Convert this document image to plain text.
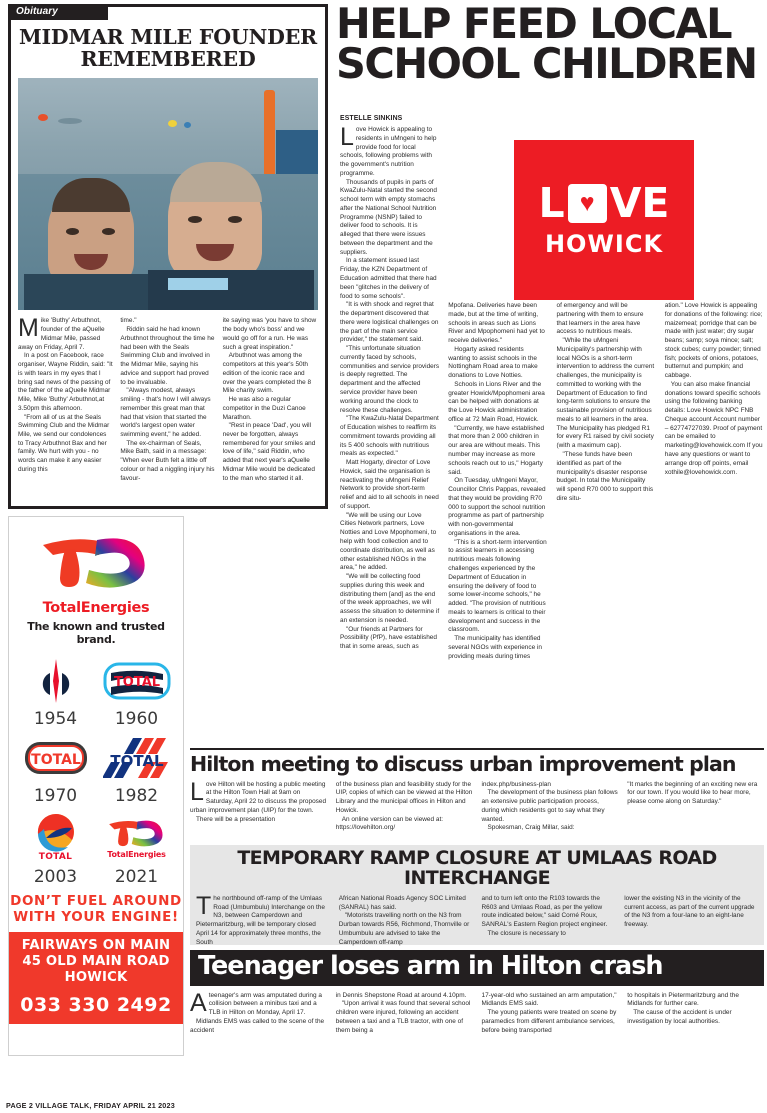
Obituary
MIDMAR MILE FOUNDER REMEMBERED

Mike 'Buthy' Arbuthnot, founder of the aQuelle Midmar Mile, passed away on Friday, April 7.

In a post on Facebook, race organiser, Wayne Riddin, said: "It is with tears in my eyes that I bring sad news of the passing of the father of the aQuelle Midmar Mile, Mike 'Buthy' Arbuthnot,at 3.50pm this afternoon.

"From all of us at the Seals Swimming Club and the Midmar Mile, we send our condolences to Tracy Arbuthnot Bax and her family. We hurt with you - no words can make it any easier during this

time."

Riddin said he had known Arbuthnot throughout the time he had been with the Seals Swimming Club and involved in the Midmar Mile, saying his advice and support had proved to be invaluable.

"Always modest, always smiling - that's how I will always remember this great man that had that vision that started the world's largest open water swimming event," he added.

The ex-chairman of Seals, Mike Bath, said in a message: "When ever Buth felt a little off colour or had a niggling injury his favour-

ite saying was 'you have to show the body who's boss' and we would go off for a run. He was such a great inspiration."

Arbuthnot was among the competitors at this year's 50th edition of the iconic race and over the years completed the 8 Mile charity swim.

He was also a regular competitor in the Duzi Canoe Marathon.

"Rest in peace 'Dad', you will never be forgotten, always remembered for your smiles and love of life," said Riddin, who added that next year's aQuelle Midmar Mile would be dedicated to the man who started it all.

HELP FEED LOCAL SCHOOL CHILDREN
ESTELLE SINKINS
L ♥ VE
HOWICK

Love Howick is appealing to residents in uMngeni to help provide food for local schools, following problems with the government's nutrition programme.

Thousands of pupils in parts of KwaZulu-Natal started the second school term with empty stomachs after the National School Nutrition Programme (NSNP) failed to deliver food to schools. It is alleged that there were issues between the department and the suppliers.

In a statement issued last Friday, the KZN Department of Education admitted that there had been "glitches in the delivery of food to some schools".

"It is with shock and regret that the department discovered that there were logistical challenges on the part of the main service provider," the statement said.

"This unfortunate situation currently faced by schools, communities and service providers is deeply regretted. The department and the affected service provider have been working around the clock to resolve these challenges.

"The KwaZulu-Natal Department of Education wishes to reaffirm its commitment towards providing all its 5 400 schools with nutritious meals as expected."

Matt Hogarty, director of Love Howick, said the organisation is reactivating the uMngeni Relief Network to provide short-term relief and aid to all schools in need of support.

"We will be using our Love Cities Network partners, Love Notties and Love Mpophomeni, to help with food collection and to coordinate distribution, as well as other established NGOs in the area," he added.

"We will be collecting food supplies during this week and distributing them [and] as the end of the week approaches, we will assess the situation to determine if an extension is needed.

"Our friends at Partners for Possibility (PfP), have established that in some areas, such as

Mpofana. Deliveries have been made, but at the time of writing, schools in areas such as Lions River and Mpophomeni had yet to receive deliveries."

Hogarty asked residents wanting to assist schools in the Nottingham Road area to make donations to Love Notties.

Schools in Lions River and the greater Howick/Mpophomeni area can be helped with donations at the Love Howick administration office at 72 Main Road, Howick.

"Currently, we have established that more than 2 000 children in our area are without meals. This number may increase as more schools reach out to us," Hogarty said.

On Tuesday, uMngeni Mayor, Councillor Chris Pappas, revealed that they would be providing R70 000 to support the school nutrition programme as part of partnership with non-governmental organisations in the area.

"This is a short-term intervention to assist learners in accessing nutritious meals following challenges experienced by the Department of Education in ensuring the delivery of food to some lower-income schools," he added. "The provision of nutritious meals to learners is critical to their development and success in the classroom.

The municipality has identified several NGOs with experience in providing meals during times

of emergency and will be partnering with them to ensure that learners in the area have access to nutritious meals.

"While the uMngeni Municipality's partnership with local NGOs is a short-term intervention to address the current challenges, the municipality is committed to working with the Department of Education to find long-term solutions to ensure the sustainable provision of nutritious meals to all learners in the area. The Municipality has pledged R1 for every R1 raised by civil society (with a maximum cap).

"These funds have been identified as part of the municipality's disaster response budget. In total the Municipality will spend R70 000 to support this dire situ-

ation." Love Howick is appealing for donations of the following: rice; maizemeal; porridge that can be made with just water; dry sugar beans; samp; soya mince; salt; stock cubes; curry powder; tinned fish; pockets of onions, potatoes, butternut and pumpkin; and cabbage.

You can also make financial donations toward specific schools using the following banking details: Love Howick NPC FNB Cheque account Account number – 62774727039. Proof of payment can be emailed to marketing@lovehowick.com If you have any questions or want to arrange drop off points, email xothile@lovehowick.com.

TotalEnergies
The known and trusted brand.
1954
TOTAL
1960
TOTAL
1970
TOTAL
1982
TOTAL
2003
TotalEnergies
2021
DON’T FUEL AROUND WITH YOUR ENGINE!
FAIRWAYS ON MAIN 45 OLD MAIN ROAD HOWICK
033 330 2492
Hilton meeting to discuss urban improvement plan

Love Hilton will be hosting a public meeting at the Hilton Town Hall at 9am on Saturday, April 22 to discuss the proposed urban improvement plan (UIP) for the town.

There will be a presentation

of the business plan and feasibility study for the UIP, copies of which can be viewed at the Hilton Library and the municipal offices in Hilton and Howick.

An online version can be viewed at: https://lovehilton.org/

index.php/business-plan

The development of the business plan follows an extensive public participation process, during which residents got to say what they wanted.

Spokesman, Craig Millar, said:

"It marks the beginning of an exciting new era for our town. If you would like to hear more, please come along on Saturday."

TEMPORARY RAMP CLOSURE AT UMLAAS ROAD INTERCHANGE

The northbound off-ramp of the Umlaas Road (Umbumbulu) Interchange on the N3, between Camperdown and Pietermaritzburg, will be temporary closed April 14 for approximately three months, the South

African National Roads Agency SOC Limited (SANRAL) has said.

"Motorists travelling north on the N3 from Durban towards R56, Richmond, Thornville or Umbumbulu are advised to take the Camperdown off-ramp

and to turn left onto the R103 towards the R603 and Umlaas Road, as per the yellow route indicated below," said Corné Roux, SANRAL's Eastern Region project engineer.

The closure is necessary to

lower the existing N3 in the vicinity of the current access, as part of the current upgrade of the N3 from a four-lane to an eight-lane freeway.

Teenager loses arm in Hilton crash

Ateenager's arm was amputated during a collision between a minibus taxi and a TLB in Hilton on Monday, April 17.

Midlands EMS was called to the scene of the accident

in Dennis Shepstone Road at around 4.10pm.

"Upon arrival it was found that several school children were injured, following an accident between a taxi and a TLB tractor, with one of them being a

17-year-old who sustained an arm amputation," Midlands EMS said.

The young patients were treated on scene by paramedics from different ambulance services, before being transported

to hospitals in Pietermaritzburg and the Midlands for further care.

The cause of the accident is under investigation by local authorities.

PAGE 2 VILLAGE TALK, FRIDAY APRIL 21 2023
